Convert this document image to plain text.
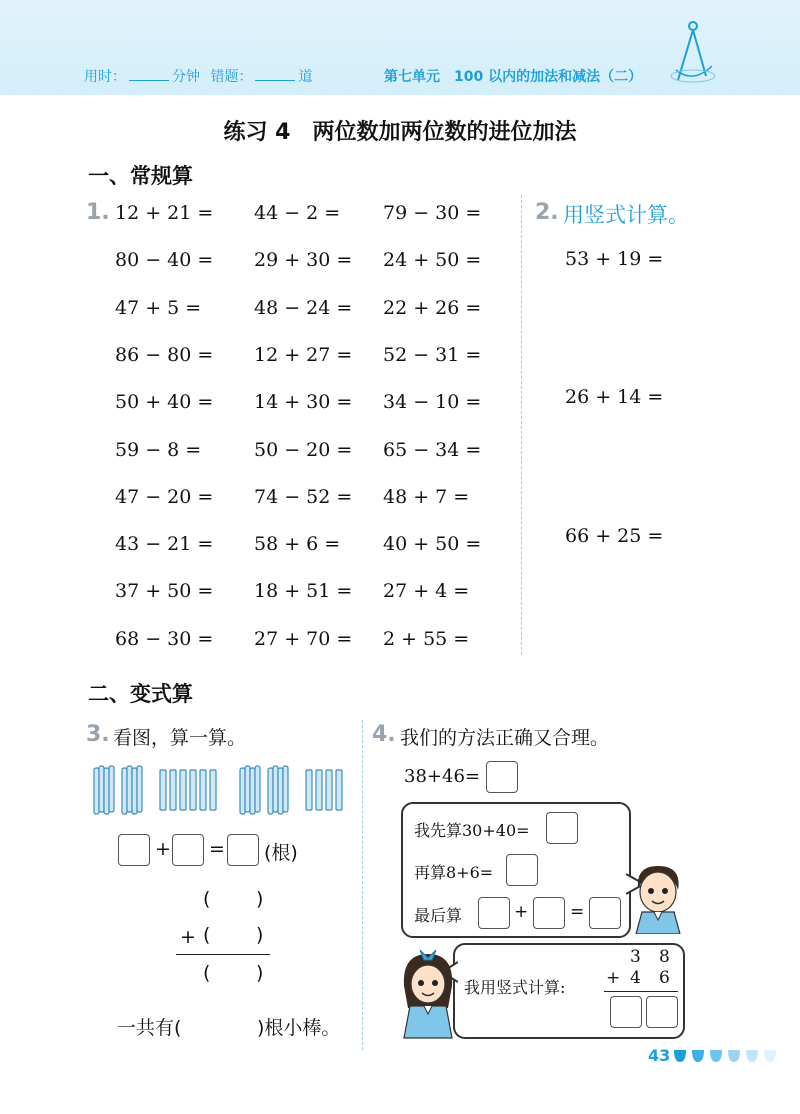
用时：	分钟 错题：	道	第七单元　100 以内的加法和减法（二）
练习 4　两位数加两位数的进位加法
一、常规算
1. 12 + 21 = 44 − 2 = 79 − 30 =
80 − 40 = 29 + 30 = 24 + 50 =
47 + 5 =	48 − 24 = 22 + 26 =
86 − 80 = 12 + 27 = 52 − 31 =
50 + 40 = 14 + 30 = 34 − 10 =
59 − 8 =	50 − 20 = 65 − 34 =
47 − 20 = 74 − 52 = 48 + 7 =
43 − 21 = 58 + 6 = 40 + 50 =
37 + 50 = 18 + 51 = 27 + 4 =
68 − 30 = 27 + 70 = 2 + 55 =
2. 用竖式计算。
53 + 19 =
26 + 14 =
66 + 25 =
二、变式算
3. 看图，算一算。
+ = (根)
( )
+ ( )
( )
一共有(	)根小棒。
4. 我们的方法正确又合理。
38+46=
我先算30+40=
再算8+6=
最后算	+ =
我用竖式计算:
3 8
+ 4 6
43
